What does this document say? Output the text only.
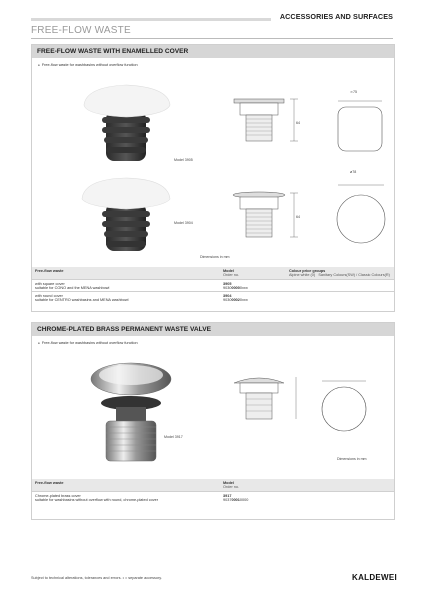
ACCESSORIES AND SURFACES
FREE-FLOW WASTE
FREE-FLOW WASTE WITH ENAMELLED COVER
● Free-flow waste for washbasins without overflow function
Model 3905
Model 3904
64
≃75
64
ø78
Dimensions in mm
Free-flow waste	Model
Order no.	Colour price groups
Alpine white (0) Sanitary Colours(SW) / Classic Colours(R)

with square cover
suitable for CONO and the MENA washbowl	3905
903000000xxx	
with round cover
suitable for CENTRO washbasins and MENA washbowl	3904
903000020xxx	
CHROME-PLATED BRASS PERMANENT WASTE VALVE
● Free-flow waste for washbasins without overflow function
Model 3917
Dimensions in mm
Free-flow waste	Model
Order no.

Chrome-plated brass cover
suitable for washbasins without overflow with round, chrome-plated cover	3917
903700010000
Subject to technical alterations, tolerances and errors. • = separate accessory.	KALDEWEI
